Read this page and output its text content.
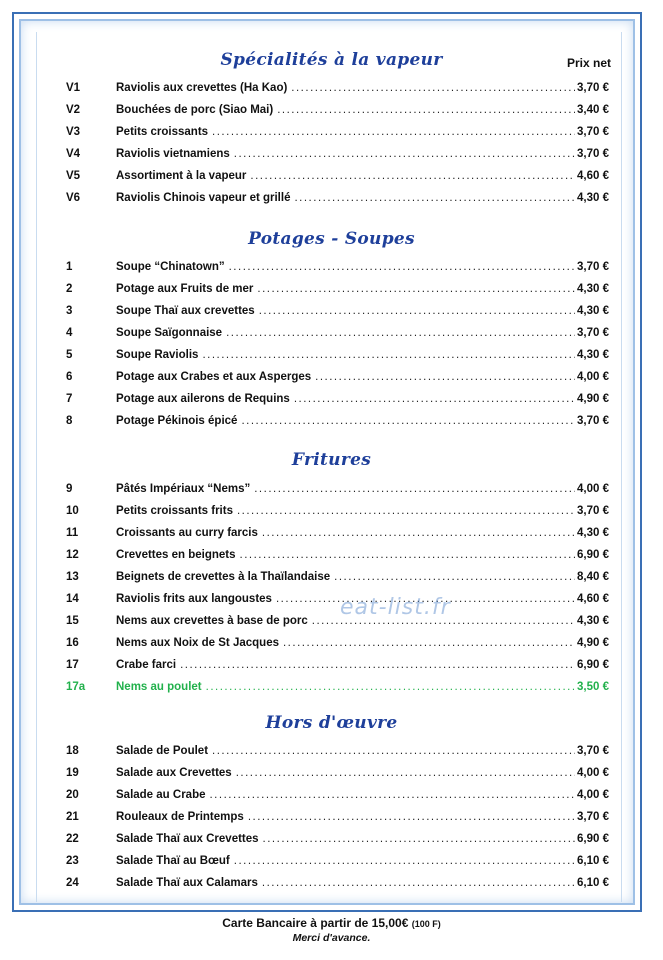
Spécialités à la vapeur	Prix net
V1	Raviolis aux crevettes (Ha Kao) .....	3,70 €
V2	Bouchées de porc (Siao Mai) .....	3,40 €
V3	Petits croissants .....	3,70 €
V4	Raviolis vietnamiens .....	3,70 €
V5	Assortiment à la vapeur .....	4,60 €
V6	Raviolis Chinois vapeur et grillé .....	4,30 €
Potages - Soupes
1	Soupe “Chinatown” .....	3,70 €
2	Potage aux Fruits de mer .....	4,30 €
3	Soupe Thaï aux crevettes .....	4,30 €
4	Soupe Saïgonnaise .....	3,70 €
5	Soupe Raviolis .....	4,30 €
6	Potage aux Crabes et aux Asperges .....	4,00 €
7	Potage aux ailerons de Requins .....	4,90 €
8	Potage Pékinois épicé .....	3,70 €
Fritures
9	Pâtés Impériaux “Nems” .....	4,00 €
10	Petits croissants frits .....	3,70 €
11	Croissants au curry farcis .....	4,30 €
12	Crevettes en beignets .....	6,90 €
13	Beignets de crevettes à la Thaïlandaise .....	8,40 €
14	Raviolis frits aux langoustes .....	4,60 €
15	Nems aux crevettes à base de porc .....	4,30 €
16	Nems aux Noix de St Jacques .....	4,90 €
17	Crabe farci .....	6,90 €
17a	Nems au poulet .....	3,50 €
Hors d'œuvre
18	Salade de Poulet .....	3,70 €
19	Salade aux Crevettes .....	4,00 €
20	Salade au Crabe .....	4,00 €
21	Rouleaux de Printemps .....	3,70 €
22	Salade Thaï aux Crevettes .....	6,90 €
23	Salade Thaï au Bœuf .....	6,10 €
24	Salade Thaï aux Calamars .....	6,10 €
eat-list.fr
Carte Bancaire à partir de 15,00€ (100 F)
Merci d'avance.
